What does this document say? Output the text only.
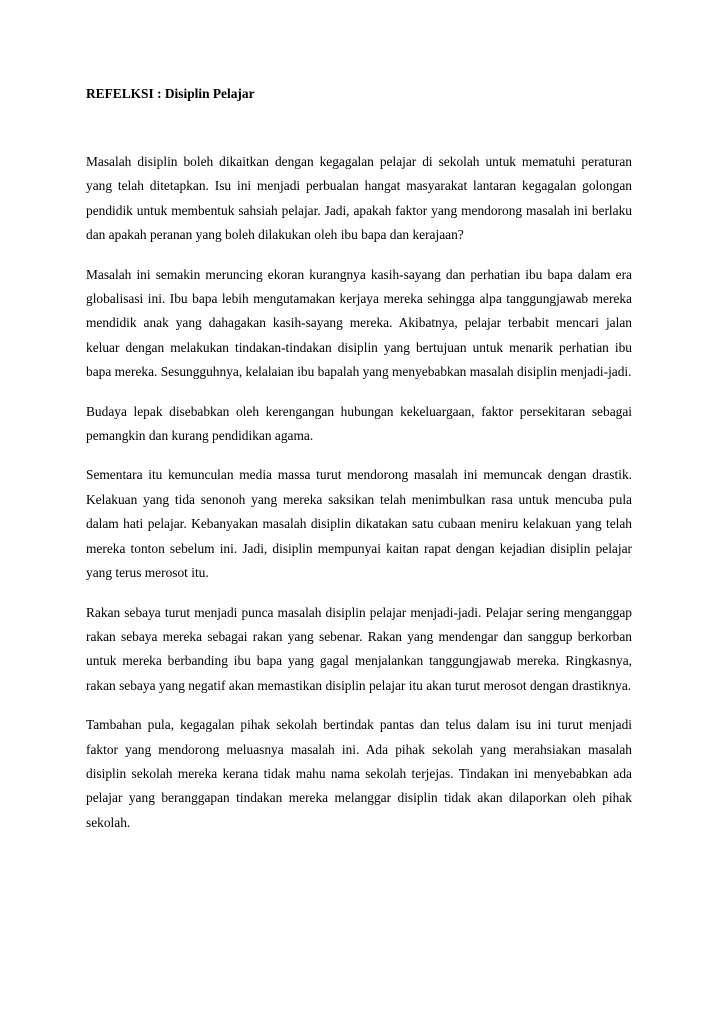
REFELKSI : Disiplin Pelajar

Masalah disiplin boleh dikaitkan dengan kegagalan pelajar di sekolah untuk mematuhi peraturan yang telah ditetapkan. Isu ini menjadi perbualan hangat masyarakat lantaran kegagalan golongan pendidik untuk membentuk sahsiah pelajar. Jadi, apakah faktor yang mendorong masalah ini berlaku dan apakah peranan yang boleh dilakukan oleh ibu bapa dan kerajaan?

Masalah ini semakin meruncing ekoran kurangnya kasih-sayang dan perhatian ibu bapa dalam era globalisasi ini. Ibu bapa lebih mengutamakan kerjaya mereka sehingga alpa tanggungjawab mereka mendidik anak yang dahagakan kasih-sayang mereka. Akibatnya, pelajar terbabit mencari jalan keluar dengan melakukan tindakan-tindakan disiplin yang bertujuan untuk menarik perhatian ibu bapa mereka. Sesungguhnya, kelalaian ibu bapalah yang menyebabkan masalah disiplin menjadi-jadi.

Budaya lepak disebabkan oleh kerengangan hubungan kekeluargaan, faktor persekitaran sebagai pemangkin dan kurang pendidikan agama.

Sementara itu kemunculan media massa turut mendorong masalah ini memuncak dengan drastik. Kelakuan yang tida senonoh yang mereka saksikan telah menimbulkan rasa untuk mencuba pula dalam hati pelajar. Kebanyakan masalah disiplin dikatakan satu cubaan meniru kelakuan yang telah mereka tonton sebelum ini. Jadi, disiplin mempunyai kaitan rapat dengan kejadian disiplin pelajar yang terus merosot itu.

Rakan sebaya turut menjadi punca masalah disiplin pelajar menjadi-jadi. Pelajar sering menganggap rakan sebaya mereka sebagai rakan yang sebenar. Rakan yang mendengar dan sanggup berkorban untuk mereka berbanding ibu bapa yang gagal menjalankan tanggungjawab mereka. Ringkasnya, rakan sebaya yang negatif akan memastikan disiplin pelajar itu akan turut merosot dengan drastiknya.

Tambahan pula, kegagalan pihak sekolah bertindak pantas dan telus dalam isu ini turut menjadi faktor yang mendorong meluasnya masalah ini. Ada pihak sekolah yang merahsiakan masalah disiplin sekolah mereka kerana tidak mahu nama sekolah terjejas. Tindakan ini menyebabkan ada pelajar yang beranggapan tindakan mereka melanggar disiplin tidak akan dilaporkan oleh pihak sekolah.
